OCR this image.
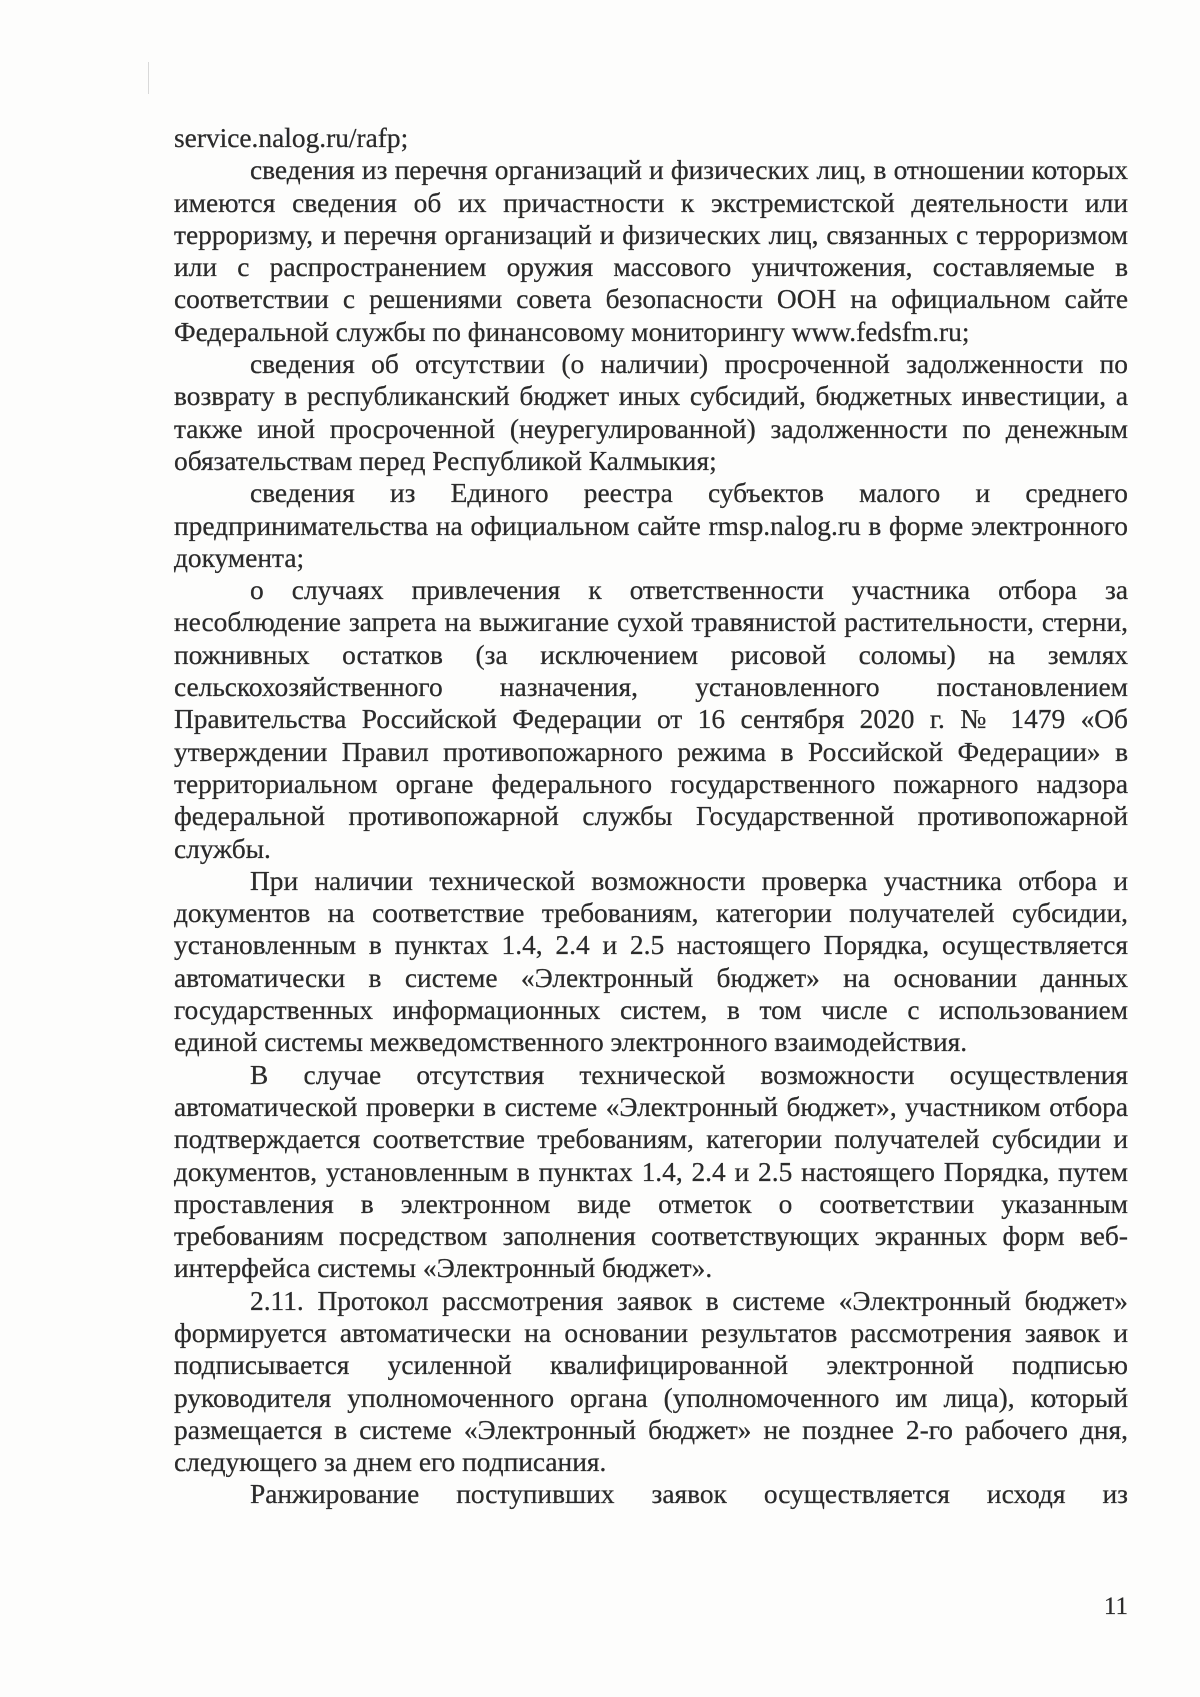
service.nalog.ru/rafp;

сведения из перечня организаций и физических лиц, в отношении которых имеются сведения об их причастности к экстремистской деятельности или терроризму, и перечня организаций и физических лиц, связанных с терроризмом или с распространением оружия массового уничтожения, составляемые в соответствии с решениями совета безопасности ООН на официальном сайте Федеральной службы по финансовому мониторингу www.fedsfm.ru;

сведения об отсутствии (о наличии) просроченной задолженности по возврату в республиканский бюджет иных субсидий, бюджетных инвестиции, а также иной просроченной (неурегулированной) задолженности по денежным обязательствам перед Республикой Калмыкия;

сведения из Единого реестра субъектов малого и среднего предпринимательства на официальном сайте rmsp.nalog.ru в форме электронного документа;

о случаях привлечения к ответственности участника отбора за несоблюдение запрета на выжигание сухой травянистой растительности, стерни, пожнивных остатков (за исключением рисовой соломы) на землях сельскохозяйственного назначения, установленного постановлением Правительства Российской Федерации от 16 сентября 2020 г. № 1479 «Об утверждении Правил противопожарного режима в Российской Федерации» в территориальном органе федерального государственного пожарного надзора федеральной противопожарной службы Государственной противопожарной службы.

При наличии технической возможности проверка участника отбора и документов на соответствие требованиям, категории получателей субсидии, установленным в пунктах 1.4, 2.4 и 2.5 настоящего Порядка, осуществляется автоматически в системе «Электронный бюджет» на основании данных государственных информационных систем, в том числе с использованием единой системы межведомственного электронного взаимодействия.

В случае отсутствия технической возможности осуществления автоматической проверки в системе «Электронный бюджет», участником отбора подтверждается соответствие требованиям, категории получателей субсидии и документов, установленным в пунктах 1.4, 2.4 и 2.5 настоящего Порядка, путем проставления в электронном виде отметок о соответствии указанным требованиям посредством заполнения соответствующих экранных форм веб-интерфейса системы «Электронный бюджет».

2.11. Протокол рассмотрения заявок в системе «Электронный бюджет» формируется автоматически на основании результатов рассмотрения заявок и подписывается усиленной квалифицированной электронной подписью руководителя уполномоченного органа (уполномоченного им лица), который размещается в системе «Электронный бюджет» не позднее 2-го рабочего дня, следующего за днем его подписания.

Ранжирование поступивших заявок осуществляется исходя из

11
